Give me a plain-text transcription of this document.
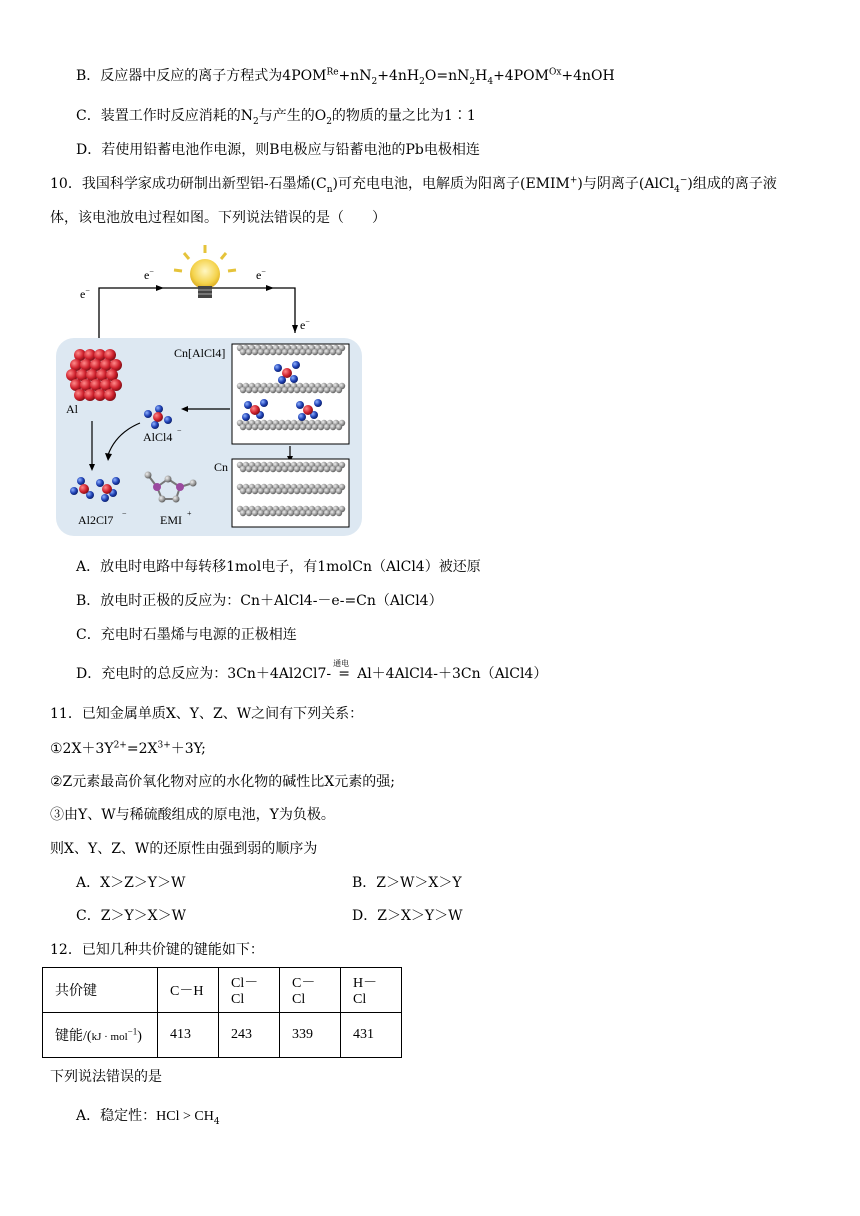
B．反应器中反应的离子方程式为$4POM^{Re}+nN_2+4nH_2O=nN_2H_4+4POM^{Ox}+4nOH$
C．装置工作时反应消耗的$N_2$与产生的$O_2$的物质的量之比为1∶1
D．若使用铅蓄电池作电源，则B电极应与铅蓄电池的Pb电极相连
10．我国科学家成功研制出新型铝-石墨烯$(C_n)$可充电电池，电解质为阳离子(EMIM+)与阴离子(AlCl$_4$−)组成的离子液
体，该电池放电过程如图。下列说法错误的是（　　）
e−
e−	e−
e−
Al
AlCl4 −
Al2Cl7 −	EMI +
Cn[AlCl4]
Cn
A．放电时电路中每转移1mol电子，有1molCn（AlCl4）被还原
B．放电时正极的反应为：Cn＋AlCl4-－e-=Cn（AlCl4）
C．充电时石墨烯与电源的正极相连
D．充电时的总反应为：3Cn＋4Al2Cl7-
通电
= Al＋4AlCl4-＋3Cn（AlCl4）
11．已知金属单质X、Y、Z、W之间有下列关系：
$①2X+3Y^{2+}=2X^{3+}+3Y$;
②Z元素最高价氧化物对应的水化物的碱性比X元素的强;
③由Y、W与稀硫酸组成的原电池，Y为负极。
则X、Y、Z、W的还原性由强到弱的顺序为
A．X＞Z＞Y＞W	B．Z＞W＞X＞Y
C．Z＞Y＞X＞W	D．Z＞X＞Y＞W
12．已知几种共价键的键能如下：
共价键	C－H	Cl－Cl	C－Cl	H－Cl
键能/(kJ · mol$^{-1}$)	413	243	339	431
下列说法错误的是
A．稳定性：HCl > $CH_4$
